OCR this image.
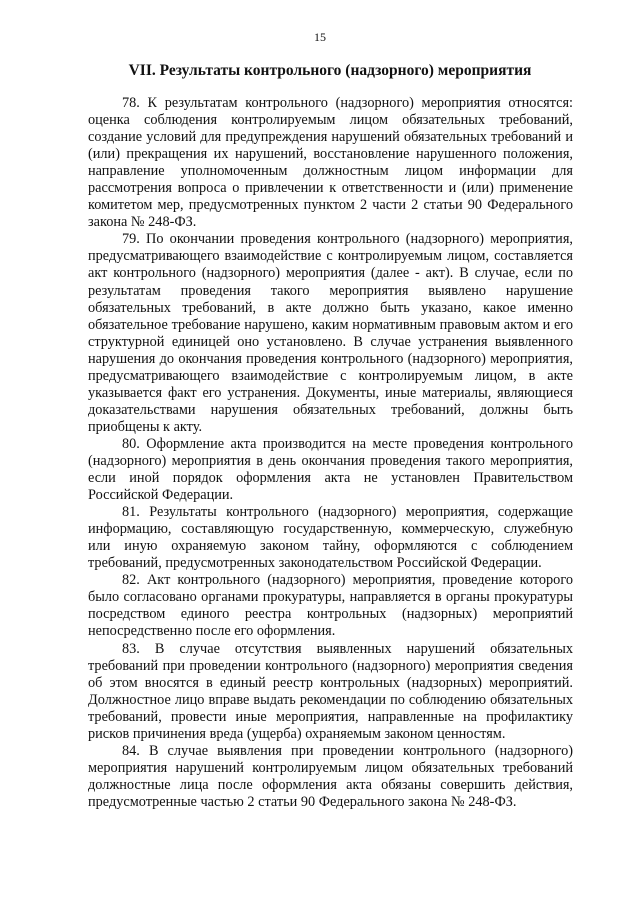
15
VII. Результаты контрольного (надзорного) мероприятия

78. К результатам контрольного (надзорного) мероприятия относятся: оценка соблюдения контролируемым лицом обязательных требований, создание условий для предупреждения нарушений обязательных требований и (или) прекращения их нарушений, восстановление нарушенного положения, направление уполномоченным должностным лицом информации для рассмотрения вопроса о привлечении к ответственности и (или) применение комитетом мер, предусмотренных пунктом 2 части 2 статьи 90 Федерального закона № 248-ФЗ.

79. По окончании проведения контрольного (надзорного) мероприятия, предусматривающего взаимодействие с контролируемым лицом, составляется акт контрольного (надзорного) мероприятия (далее - акт). В случае, если по результатам проведения такого мероприятия выявлено нарушение обязательных требований, в акте должно быть указано, какое именно обязательное требование нарушено, каким нормативным правовым актом и его структурной единицей оно установлено. В случае устранения выявленного нарушения до окончания проведения контрольного (надзорного) мероприятия, предусматривающего взаимодействие с контролируемым лицом, в акте указывается факт его устранения. Документы, иные материалы, являющиеся доказательствами нарушения обязательных требований, должны быть приобщены к акту.

80. Оформление акта производится на месте проведения контрольного (надзорного) мероприятия в день окончания проведения такого мероприятия, если иной порядок оформления акта не установлен Правительством Российской Федерации.

81. Результаты контрольного (надзорного) мероприятия, содержащие информацию, составляющую государственную, коммерческую, служебную или иную охраняемую законом тайну, оформляются с соблюдением требований, предусмотренных законодательством Российской Федерации.

82. Акт контрольного (надзорного) мероприятия, проведение которого было согласовано органами прокуратуры, направляется в органы прокуратуры посредством единого реестра контрольных (надзорных) мероприятий непосредственно после его оформления.

83. В случае отсутствия выявленных нарушений обязательных требований при проведении контрольного (надзорного) мероприятия сведения об этом вносятся в единый реестр контрольных (надзорных) мероприятий. Должностное лицо вправе выдать рекомендации по соблюдению обязательных требований, провести иные мероприятия, направленные на профилактику рисков причинения вреда (ущерба) охраняемым законом ценностям.

84. В случае выявления при проведении контрольного (надзорного) мероприятия нарушений контролируемым лицом обязательных требований должностные лица после оформления акта обязаны совершить действия, предусмотренные частью 2 статьи 90 Федерального закона № 248-ФЗ.
